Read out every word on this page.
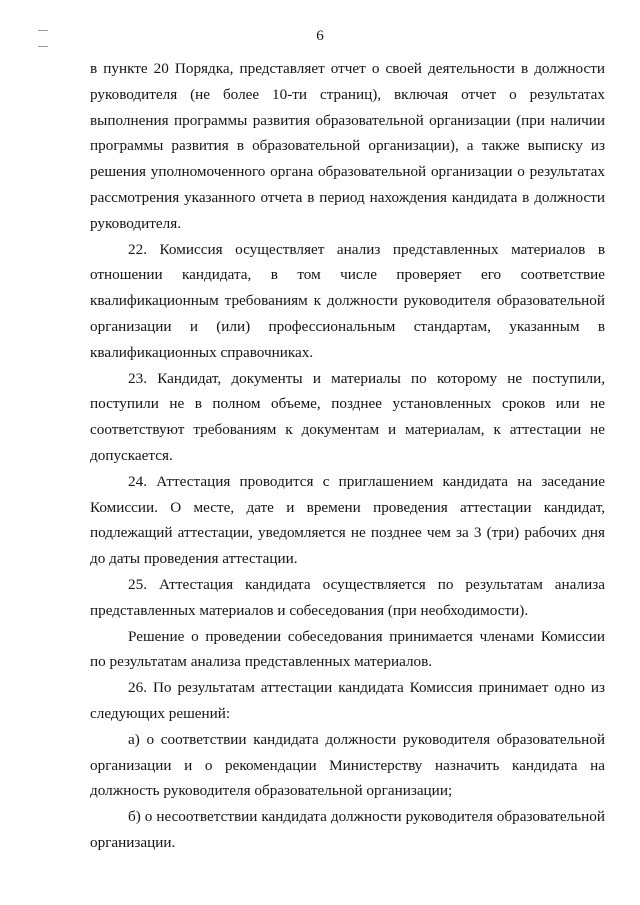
6

в пункте 20 Порядка, представляет отчет о своей деятельности в должности руководителя (не более 10-ти страниц), включая отчет о результатах выполнения программы развития образовательной организации (при наличии программы развития в образовательной организации), а также выписку из решения уполномоченного органа образовательной организации о результатах рассмотрения указанного отчета в период нахождения кандидата в должности руководителя.

22. Комиссия осуществляет анализ представленных материалов в отношении кандидата, в том числе проверяет его соответствие квалификационным требованиям к должности руководителя образовательной организации и (или) профессиональным стандартам, указанным в квалификационных справочниках.

23. Кандидат, документы и материалы по которому не поступили, поступили не в полном объеме, позднее установленных сроков или не соответствуют требованиям к документам и материалам, к аттестации не допускается.

24. Аттестация проводится с приглашением кандидата на заседание Комиссии. О месте, дате и времени проведения аттестации кандидат, подлежащий аттестации, уведомляется не позднее чем за 3 (три) рабочих дня до даты проведения аттестации.

25. Аттестация кандидата осуществляется по результатам анализа представленных материалов и собеседования (при необходимости).

Решение о проведении собеседования принимается членами Комиссии по результатам анализа представленных материалов.

26. По результатам аттестации кандидата Комиссия принимает одно из следующих решений:

а) о соответствии кандидата должности руководителя образовательной организации и о рекомендации Министерству назначить кандидата на должность руководителя образовательной организации;

б) о несоответствии кандидата должности руководителя образовательной организации.
